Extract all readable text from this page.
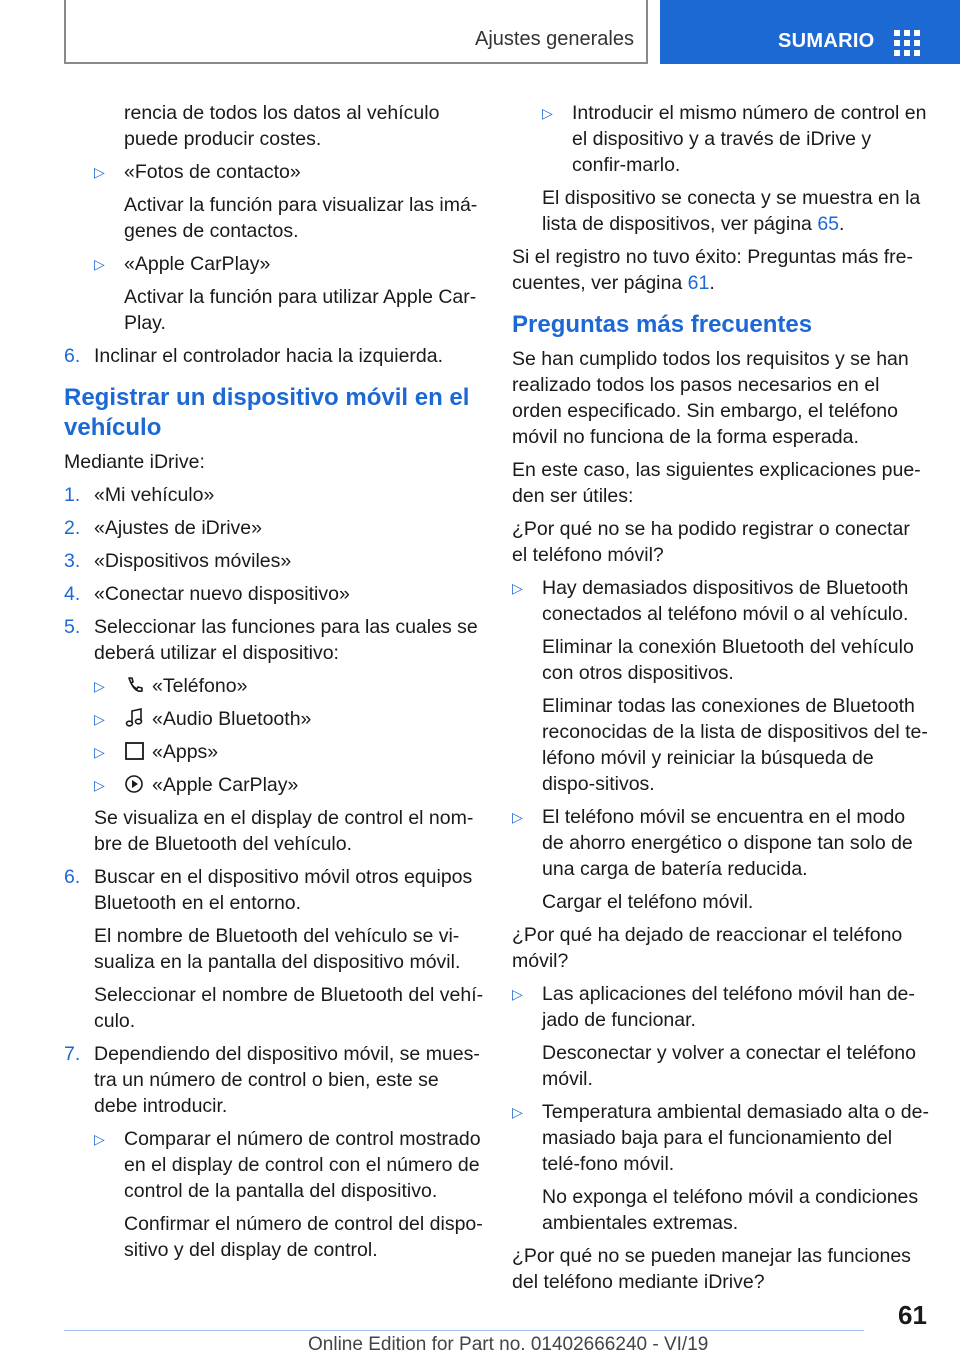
Ajustes generales	SUMARIO

rencia de todos los datos al vehículo puede producir costes.

▷ «Fotos de contacto»

Activar la función para visualizar las imá-genes de contactos.

▷ «Apple CarPlay»

Activar la función para utilizar Apple Car-Play.

6. Inclinar el controlador hacia la izquierda.
Registrar un dispositivo móvil en el vehículo

Mediante iDrive:

1. «Mi vehículo»
2. «Ajustes de iDrive»
3. «Dispositivos móviles»
4. «Conectar nuevo dispositivo»
5. Seleccionar las funciones para las cuales se deberá utilizar el dispositivo:
▷	«Teléfono»
▷	«Audio Bluetooth»
▷	«Apps»
▷	«Apple CarPlay»

Se visualiza en el display de control el nom-bre de Bluetooth del vehículo.

6. Buscar en el dispositivo móvil otros equipos Bluetooth en el entorno.

El nombre de Bluetooth del vehículo se vi-sualiza en la pantalla del dispositivo móvil.

Seleccionar el nombre de Bluetooth del vehí-culo.

7. Dependiendo del dispositivo móvil, se mues-tra un número de control o bien, este se debe introducir.
▷ Comparar el número de control mostrado en el display de control con el número de control de la pantalla del dispositivo.

Confirmar el número de control del dispo-sitivo y del display de control.

▷ Introducir el mismo número de control en el dispositivo y a través de iDrive y confir-marlo.

El dispositivo se conecta y se muestra en la lista de dispositivos, ver página 65.

Si el registro no tuvo éxito: Preguntas más fre-cuentes, ver página 61.

Preguntas más frecuentes

Se han cumplido todos los requisitos y se han realizado todos los pasos necesarios en el orden especificado. Sin embargo, el teléfono móvil no funciona de la forma esperada.

En este caso, las siguientes explicaciones pue-den ser útiles:

¿Por qué no se ha podido registrar o conectar el teléfono móvil?

▷ Hay demasiados dispositivos de Bluetooth conectados al teléfono móvil o al vehículo.

Eliminar la conexión Bluetooth del vehículo con otros dispositivos.

Eliminar todas las conexiones de Bluetooth reconocidas de la lista de dispositivos del te-léfono móvil y reiniciar la búsqueda de dispo-sitivos.

▷ El teléfono móvil se encuentra en el modo de ahorro energético o dispone tan solo de una carga de batería reducida.

Cargar el teléfono móvil.

¿Por qué ha dejado de reaccionar el teléfono móvil?

▷ Las aplicaciones del teléfono móvil han de-jado de funcionar.

Desconectar y volver a conectar el teléfono móvil.

▷ Temperatura ambiental demasiado alta o de-masiado baja para el funcionamiento del telé-fono móvil.

No exponga el teléfono móvil a condiciones ambientales extremas.

¿Por qué no se pueden manejar las funciones del teléfono mediante iDrive?

61
Online Edition for Part no. 01402666240 - VI/19
